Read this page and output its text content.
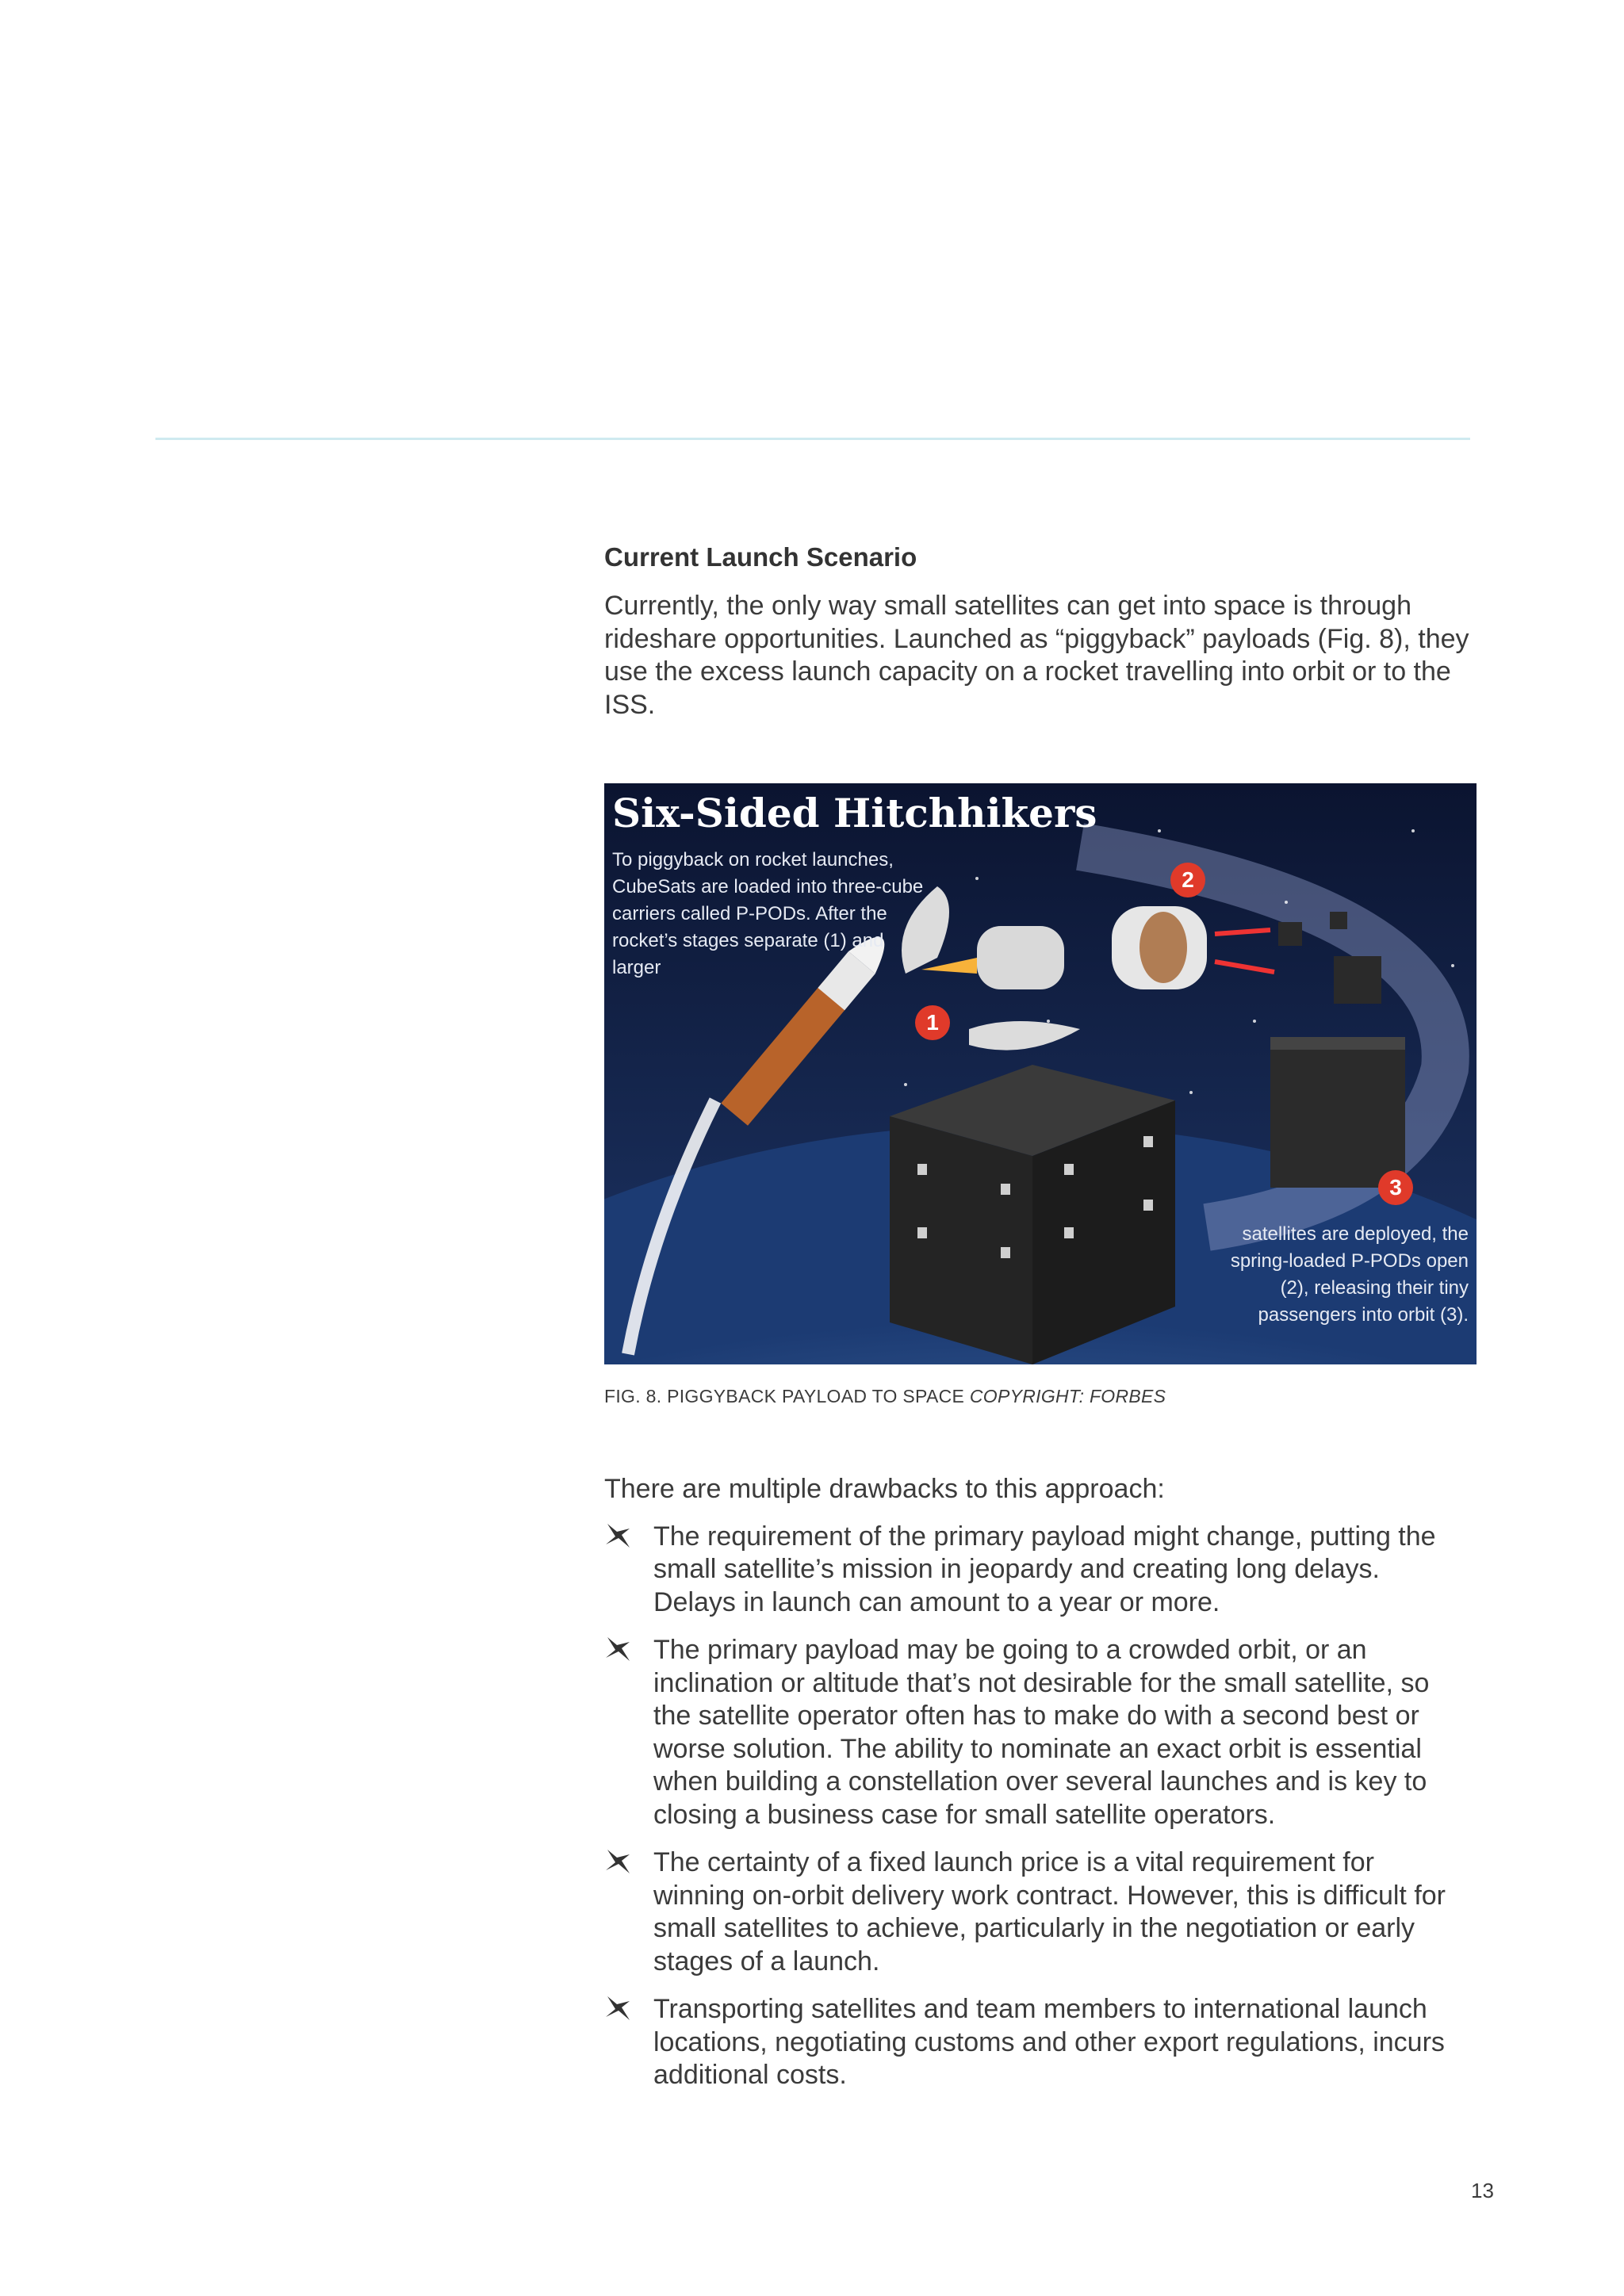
Current Launch Scenario

Currently, the only way small satellites can get into space is through rideshare opportunities. Launched as “piggyback” payloads (Fig. 8), they use the excess launch capacity on a rocket travelling into orbit or to the ISS.

Six-Sided Hitchhikers
To piggyback on rocket launches, CubeSats are loaded into three-cube carriers called P-PODs. After the rocket’s stages separate (1) and larger
satellites are deployed, the spring-loaded P-PODs open (2), releasing their tiny passengers into orbit (3).
1
2
3
FIG. 8. PIGGYBACK PAYLOAD TO SPACE COPYRIGHT: FORBES

There are multiple drawbacks to this approach:

The requirement of the primary payload might change, putting the small satellite’s mission in jeopardy and creating long delays. Delays in launch can amount to a year or more.
The primary payload may be going to a crowded orbit, or an inclination or altitude that’s not desirable for the small satellite, so the satellite operator often has to make do with a second best or worse solution. The ability to nominate an exact orbit is essential when building a constellation over several launches and is key to closing a business case for small satellite operators.
The certainty of a fixed launch price is a vital requirement for winning on-orbit delivery work contract. However, this is difficult for small satellites to achieve, particularly in the negotiation or early stages of a launch.
Transporting satellites and team members to international launch locations, negotiating customs and other export regulations, incurs additional costs.
13
